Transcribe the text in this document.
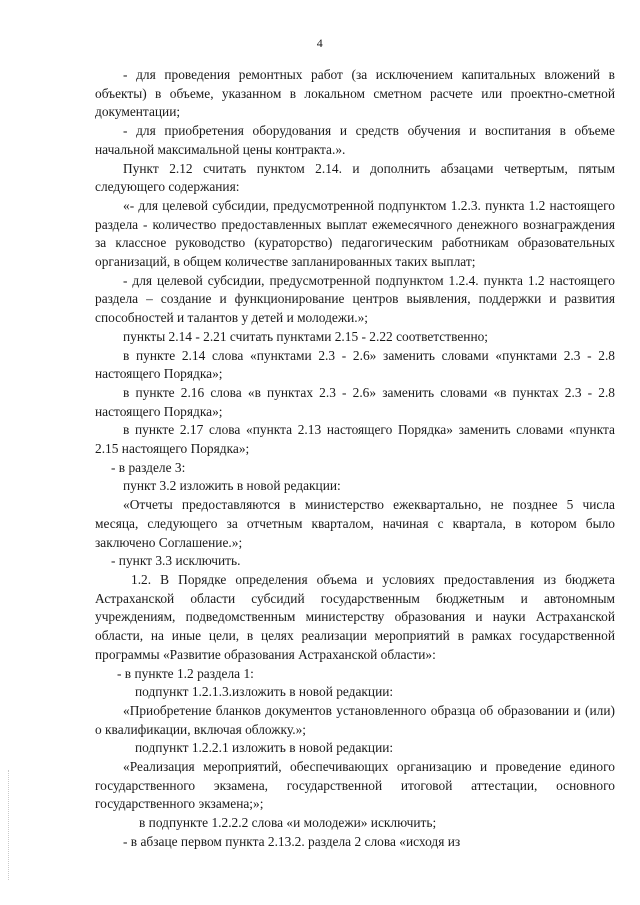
4

- для проведения ремонтных работ (за исключением капитальных вложений в объекты) в объеме, указанном в локальном сметном расчете или проектно-сметной документации;

- для приобретения оборудования и средств обучения и воспитания в объеме начальной максимальной цены контракта.».

Пункт 2.12 считать пунктом 2.14. и дополнить абзацами четвертым, пятым следующего содержания:

«- для целевой субсидии, предусмотренной подпунктом 1.2.3. пункта 1.2 настоящего раздела - количество предоставленных выплат ежемесячного денежного вознаграждения за классное руководство (кураторство) педагогическим работникам образовательных организаций, в общем количестве запланированных таких выплат;

- для целевой субсидии, предусмотренной подпунктом 1.2.4. пункта 1.2 настоящего раздела – создание и функционирование центров выявления, поддержки и развития способностей и талантов у детей и молодежи.»;

пункты 2.14 - 2.21 считать пунктами 2.15 - 2.22 соответственно;

в пункте 2.14 слова «пунктами 2.3 - 2.6» заменить словами «пунктами 2.3 - 2.8 настоящего Порядка»;

в пункте 2.16 слова «в пунктах 2.3 - 2.6» заменить словами «в пунктах 2.3 - 2.8 настоящего Порядка»;

в пункте 2.17 слова «пункта 2.13 настоящего Порядка» заменить словами «пункта 2.15 настоящего Порядка»;

- в разделе 3:

пункт 3.2 изложить в новой редакции:

«Отчеты предоставляются в министерство ежеквартально, не позднее 5 числа месяца, следующего за отчетным кварталом, начиная с квартала, в котором было заключено Соглашение.»;

- пункт 3.3 исключить.

1.2. В Порядке определения объема и условиях предоставления из бюджета Астраханской области субсидий государственным бюджетным и автономным учреждениям, подведомственным министерству образования и науки Астраханской области, на иные цели, в целях реализации мероприятий в рамках государственной программы «Развитие образования Астраханской области»:

- в пункте 1.2 раздела 1:

подпункт 1.2.1.3.изложить в новой редакции:

«Приобретение бланков документов установленного образца об образовании и (или) о квалификации, включая обложку.»;

подпункт 1.2.2.1 изложить в новой редакции:

«Реализация мероприятий, обеспечивающих организацию и проведение единого государственного экзамена, государственной итоговой аттестации, основного государственного экзамена;»;

в подпункте 1.2.2.2 слова «и молодежи» исключить;

- в абзаце первом пункта 2.13.2. раздела 2 слова «исходя из
